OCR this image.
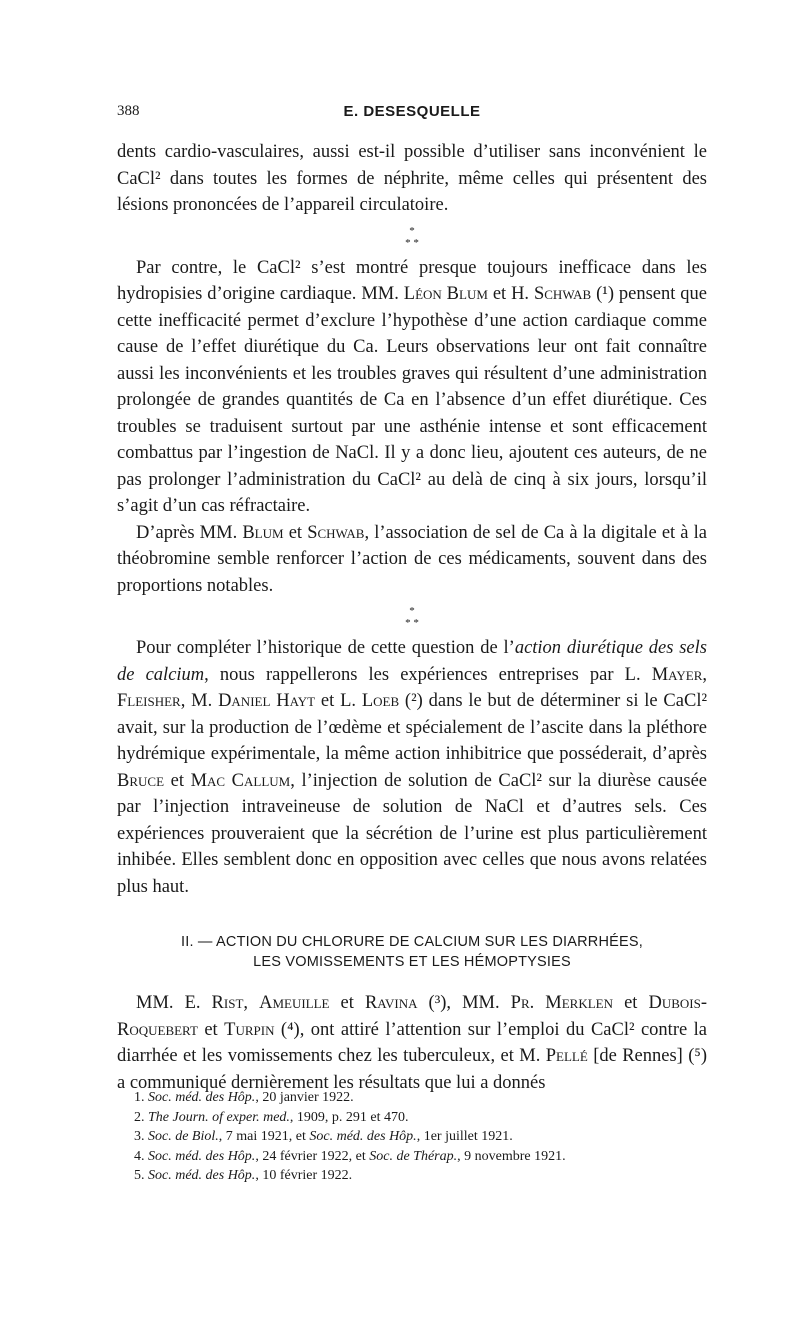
388	E. DESESQUELLE

dents cardio-vasculaires, aussi est-il possible d’utiliser sans inconvénient le CaCl² dans toutes les formes de néphrite, même celles qui présentent des lésions prononcées de l’appareil circulatoire.

*
* *

Par contre, le CaCl² s’est montré presque toujours inefficace dans les hydropisies d’origine cardiaque. MM. Léon Blum et H. Schwab (¹) pensent que cette inefficacité permet d’exclure l’hypothèse d’une action cardiaque comme cause de l’effet diurétique du Ca. Leurs observations leur ont fait connaître aussi les inconvénients et les troubles graves qui résultent d’une administration prolongée de grandes quantités de Ca en l’absence d’un effet diurétique. Ces troubles se traduisent surtout par une asthénie intense et sont efficacement combattus par l’ingestion de NaCl. Il y a donc lieu, ajoutent ces auteurs, de ne pas prolonger l’administration du CaCl² au delà de cinq à six jours, lorsqu’il s’agit d’un cas réfractaire.

D’après MM. Blum et Schwab, l’association de sel de Ca à la digitale et à la théobromine semble renforcer l’action de ces médicaments, souvent dans des proportions notables.

*
* *

Pour compléter l’historique de cette question de l’action diurétique des sels de calcium, nous rappellerons les expériences entreprises par L. Mayer, Fleisher, M. Daniel Hayt et L. Loeb (²) dans le but de déterminer si le CaCl² avait, sur la production de l’œdème et spécialement de l’ascite dans la pléthore hydrémique expérimentale, la même action inhibitrice que posséderait, d’après Bruce et Mac Callum, l’injection de solution de CaCl² sur la diurèse causée par l’injection intraveineuse de solution de NaCl et d’autres sels. Ces expériences prouveraient que la sécrétion de l’urine est plus particulièrement inhibée. Elles semblent donc en opposition avec celles que nous avons relatées plus haut.

II. — ACTION DU CHLORURE DE CALCIUM SUR LES DIARRHÉES,
LES VOMISSEMENTS ET LES HÉMOPTYSIES

MM. E. Rist, Ameuille et Ravina (³), MM. Pr. Merklen et Dubois-Roquebert et Turpin (⁴), ont attiré l’attention sur l’emploi du CaCl² contre la diarrhée et les vomissements chez les tuberculeux, et M. Pellé [de Rennes] (⁵) a communiqué dernièrement les résultats que lui a donnés

1. Soc. méd. des Hôp., 20 janvier 1922.
2. The Journ. of exper. med., 1909, p. 291 et 470.
3. Soc. de Biol., 7 mai 1921, et Soc. méd. des Hôp., 1er juillet 1921.
4. Soc. méd. des Hôp., 24 février 1922, et Soc. de Thérap., 9 novembre 1921.
5. Soc. méd. des Hôp., 10 février 1922.
